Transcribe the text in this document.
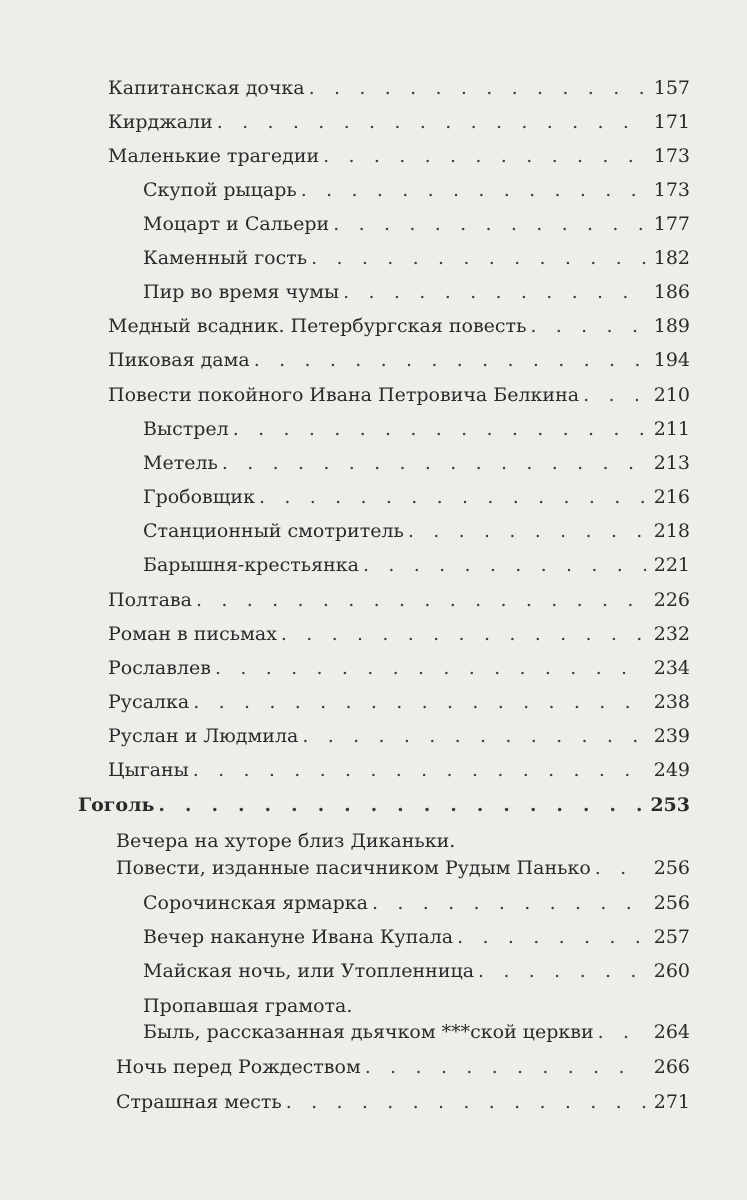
Капитанская дочка . . .	157
Кирджали . . .	171
Маленькие трагедии . . .	173
Скупой рыцарь . . .	173
Моцарт и Сальери . . .	177
Каменный гость . . .	182
Пир во время чумы . . .	186
Медный всадник. Петербургская повесть . . .	189
Пиковая дама . . .	194
Повести покойного Ивана Петровича Белкина . . .	210
Выстрел . . .	211
Метель . . .	213
Гробовщик . . .	216
Станционный смотритель . . .	218
Барышня-крестьянка . . .	221
Полтава . . .	226
Роман в письмах . . .	232
Рославлев . . .	234
Русалка . . .	238
Руслан и Людмила . . .	239
Цыганы . . .	249
Гоголь . . .	253
Вечера на хуторе близ Диканьки.
Повести, изданные пасичником Рудым Панько . . .	256
Сорочинская ярмарка . . .	256
Вечер накануне Ивана Купала . . .	257
Майская ночь, или Утопленница . . .	260
Пропавшая грамота.
Быль, рассказанная дьячком ***ской церкви . . .	264
Ночь перед Рождеством . . .	266
Страшная месть . . .	271
